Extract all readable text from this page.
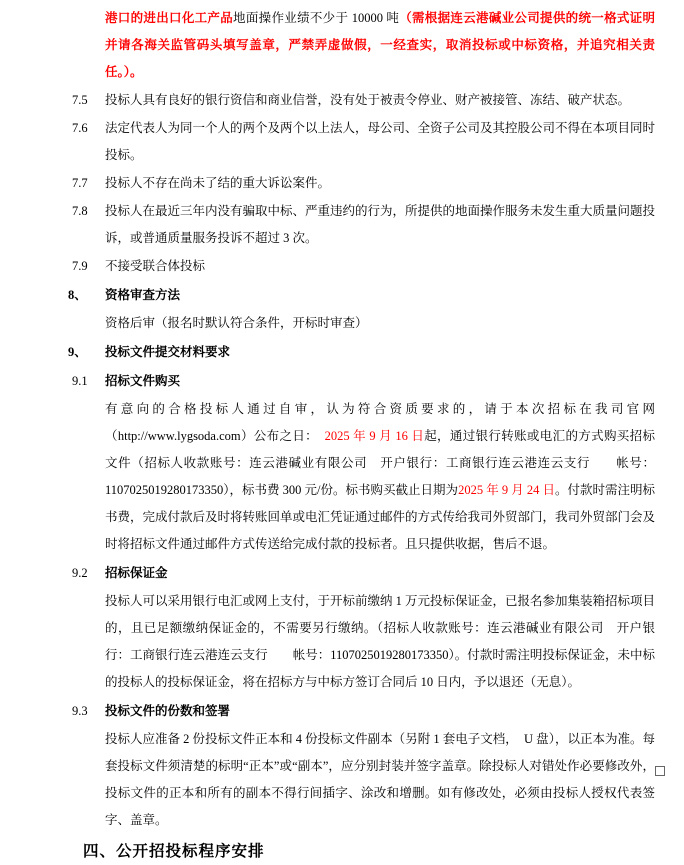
港口的进出口化工产品地面操作业绩不少于 10000 吨（需根据连云港碱业公司提供的统一格式证明并请各海关监管码头填写盖章，严禁弄虚做假，一经查实，取消投标或中标资格，并追究相关责任。）。
7.5 投标人具有良好的银行资信和商业信誉，没有处于被责令停业、财产被接管、冻结、破产状态。
7.6 法定代表人为同一个人的两个及两个以上法人，母公司、全资子公司及其控股公司不得在本项目同时投标。
7.7 投标人不存在尚未了结的重大诉讼案件。
7.8 投标人在最近三年内没有骗取中标、严重违约的行为，所提供的地面操作服务未发生重大质量问题投诉，或普通质量服务投诉不超过 3 次。
7.9 不接受联合体投标
8、 资格审查方法
资格后审（报名时默认符合条件，开标时审查）
9、 投标文件提交材料要求
9.1 招标文件购买
有意向的合格投标人通过自审，认为符合资质要求的，请于本次招标在我司官网（http://www.lygsoda.com）公布之日：　2025 年 9 月 16 日起，通过银行转账或电汇的方式购买招标文件（招标人收款账号：连云港碱业有限公司　开户银行：工商银行连云港连云支行　　帐号：1107025019280173350），标书费 300 元/份。标书购买截止日期为2025 年 9 月 24 日。付款时需注明标书费，完成付款后及时将转账回单或电汇凭证通过邮件的方式传给我司外贸部门，我司外贸部门会及时将招标文件通过邮件方式传送给完成付款的投标者。且只提供收据，售后不退。
9.2 招标保证金
投标人可以采用银行电汇或网上支付，于开标前缴纳 1 万元投标保证金，已报名参加集装箱招标项目的，且已足额缴纳保证金的，不需要另行缴纳。（招标人收款账号：连云港碱业有限公司　开户银行：工商银行连云港连云支行　　帐号：1107025019280173350）。付款时需注明投标保证金，未中标的投标人的投标保证金，将在招标方与中标方签订合同后 10 日内，予以退还（无息）。
9.3 投标文件的份数和签署
投标人应准备 2 份投标文件正本和 4 份投标文件副本（另附 1 套电子文档，　U 盘），以正本为准。每套投标文件须清楚的标明“正本”或“副本”，应分别封装并签字盖章。除投标人对错处作必要修改外，投标文件的正本和所有的副本不得行间插字、涂改和增删。如有修改处，必须由投标人授权代表签字、盖章。
四、公开招投标程序安排
